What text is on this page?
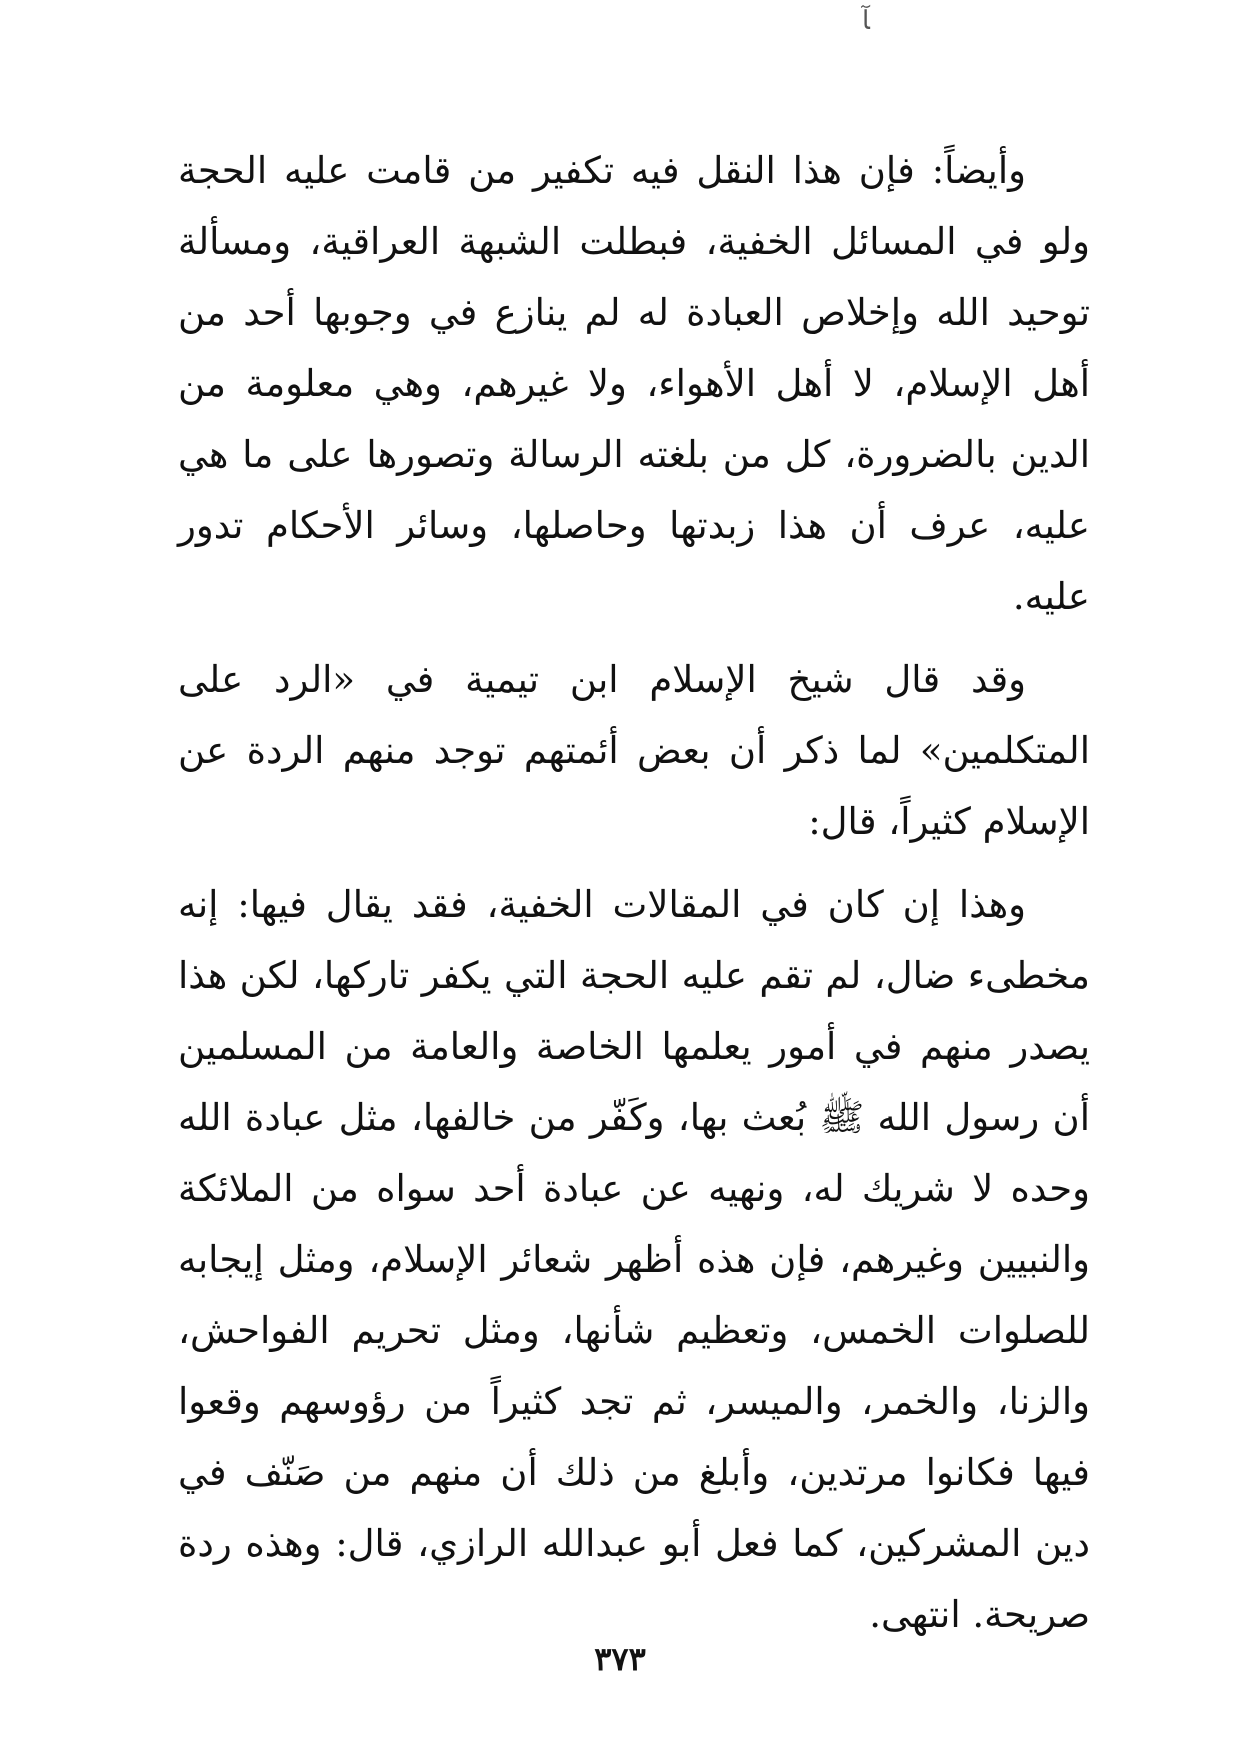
ﺂ

وأيضاً: فإن هذا النقل فيه تكفير من قامت عليه الحجة ولو في المسائل الخفية، فبطلت الشبهة العراقية، ومسألة توحيد الله وإخلاص العبادة له لم ينازع في وجوبها أحد من أهل الإسلام، لا أهل الأهواء، ولا غيرهم، وهي معلومة من الدين بالضرورة، كل من بلغته الرسالة وتصورها على ما هي عليه، عرف أن هذا زبدتها وحاصلها، وسائر الأحكام تدور عليه.

وقد قال شيخ الإسلام ابن تيمية في «الرد على المتكلمين» لما ذكر أن بعض أئمتهم توجد منهم الردة عن الإسلام كثيراً، قال:

وهذا إن كان في المقالات الخفية، فقد يقال فيها: إنه مخطىء ضال، لم تقم عليه الحجة التي يكفر تاركها، لكن هذا يصدر منهم في أمور يعلمها الخاصة والعامة من المسلمين أن رسول الله ﷺ بُعث بها، وكَفّر من خالفها، مثل عبادة الله وحده لا شريك له، ونهيه عن عبادة أحد سواه من الملائكة والنبيين وغيرهم، فإن هذه أظهر شعائر الإسلام، ومثل إيجابه للصلوات الخمس، وتعظيم شأنها، ومثل تحريم الفواحش، والزنا، والخمر، والميسر، ثم تجد كثيراً من رؤوسهم وقعوا فيها فكانوا مرتدين، وأبلغ من ذلك أن منهم من صَنّف في دين المشركين، كما فعل أبو عبدالله الرازي، قال: وهذه ردة صريحة. انتهى.

٣٧٣
